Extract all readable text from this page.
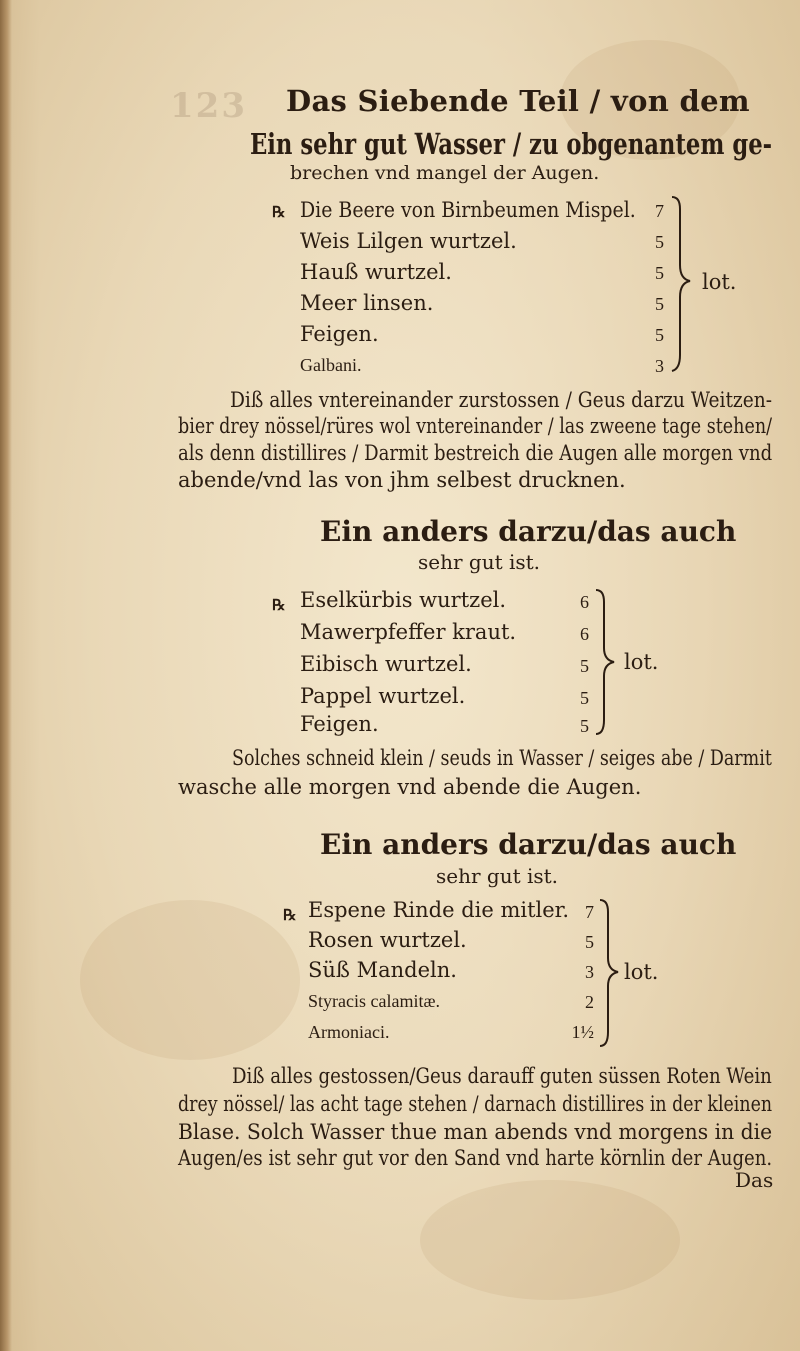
123 Das Siebende Teil / von dem
Ein sehr gut Wasser / zu obgenantem ge-
brechen vnd mangel der Augen.
℞ Die Beere von Birnbeumen Mispel.
Weis Lilgen wurtzel.
Hauß wurtzel.
Meer linsen.
Feigen.
Galbani.
7
5
5
5
5
3
lot.
Diß alles vntereinander zurstossen / Geus darzu Weitzen-
bier drey nössel/rüres wol vntereinander / las zweene tage stehen/
als denn distillires / Darmit bestreich die Augen alle morgen vnd
abende/vnd las von jhm selbest drucknen.
Ein anders darzu/das auch
sehr gut ist.
℞ Eselkürbis wurtzel.
Mawerpfeffer kraut.
Eibisch wurtzel.
Pappel wurtzel.
Feigen.
6
6
5
5
5
lot.
Solches schneid klein / seuds in Wasser / seiges abe / Darmit
wasche alle morgen vnd abende die Augen.
Ein anders darzu/das auch
sehr gut ist.
℞ Espene Rinde die mitler.
Rosen wurtzel.
Süß Mandeln.
Styracis calamitæ.
Armoniaci.
7
5
3
2
1½
lot.
Diß alles gestossen/Geus darauff guten süssen Roten Wein
drey nössel/ las acht tage stehen / darnach distillires in der kleinen
Blase. Solch Wasser thue man abends vnd morgens in die
Augen/es ist sehr gut vor den Sand vnd harte körnlin der Augen.
Das
